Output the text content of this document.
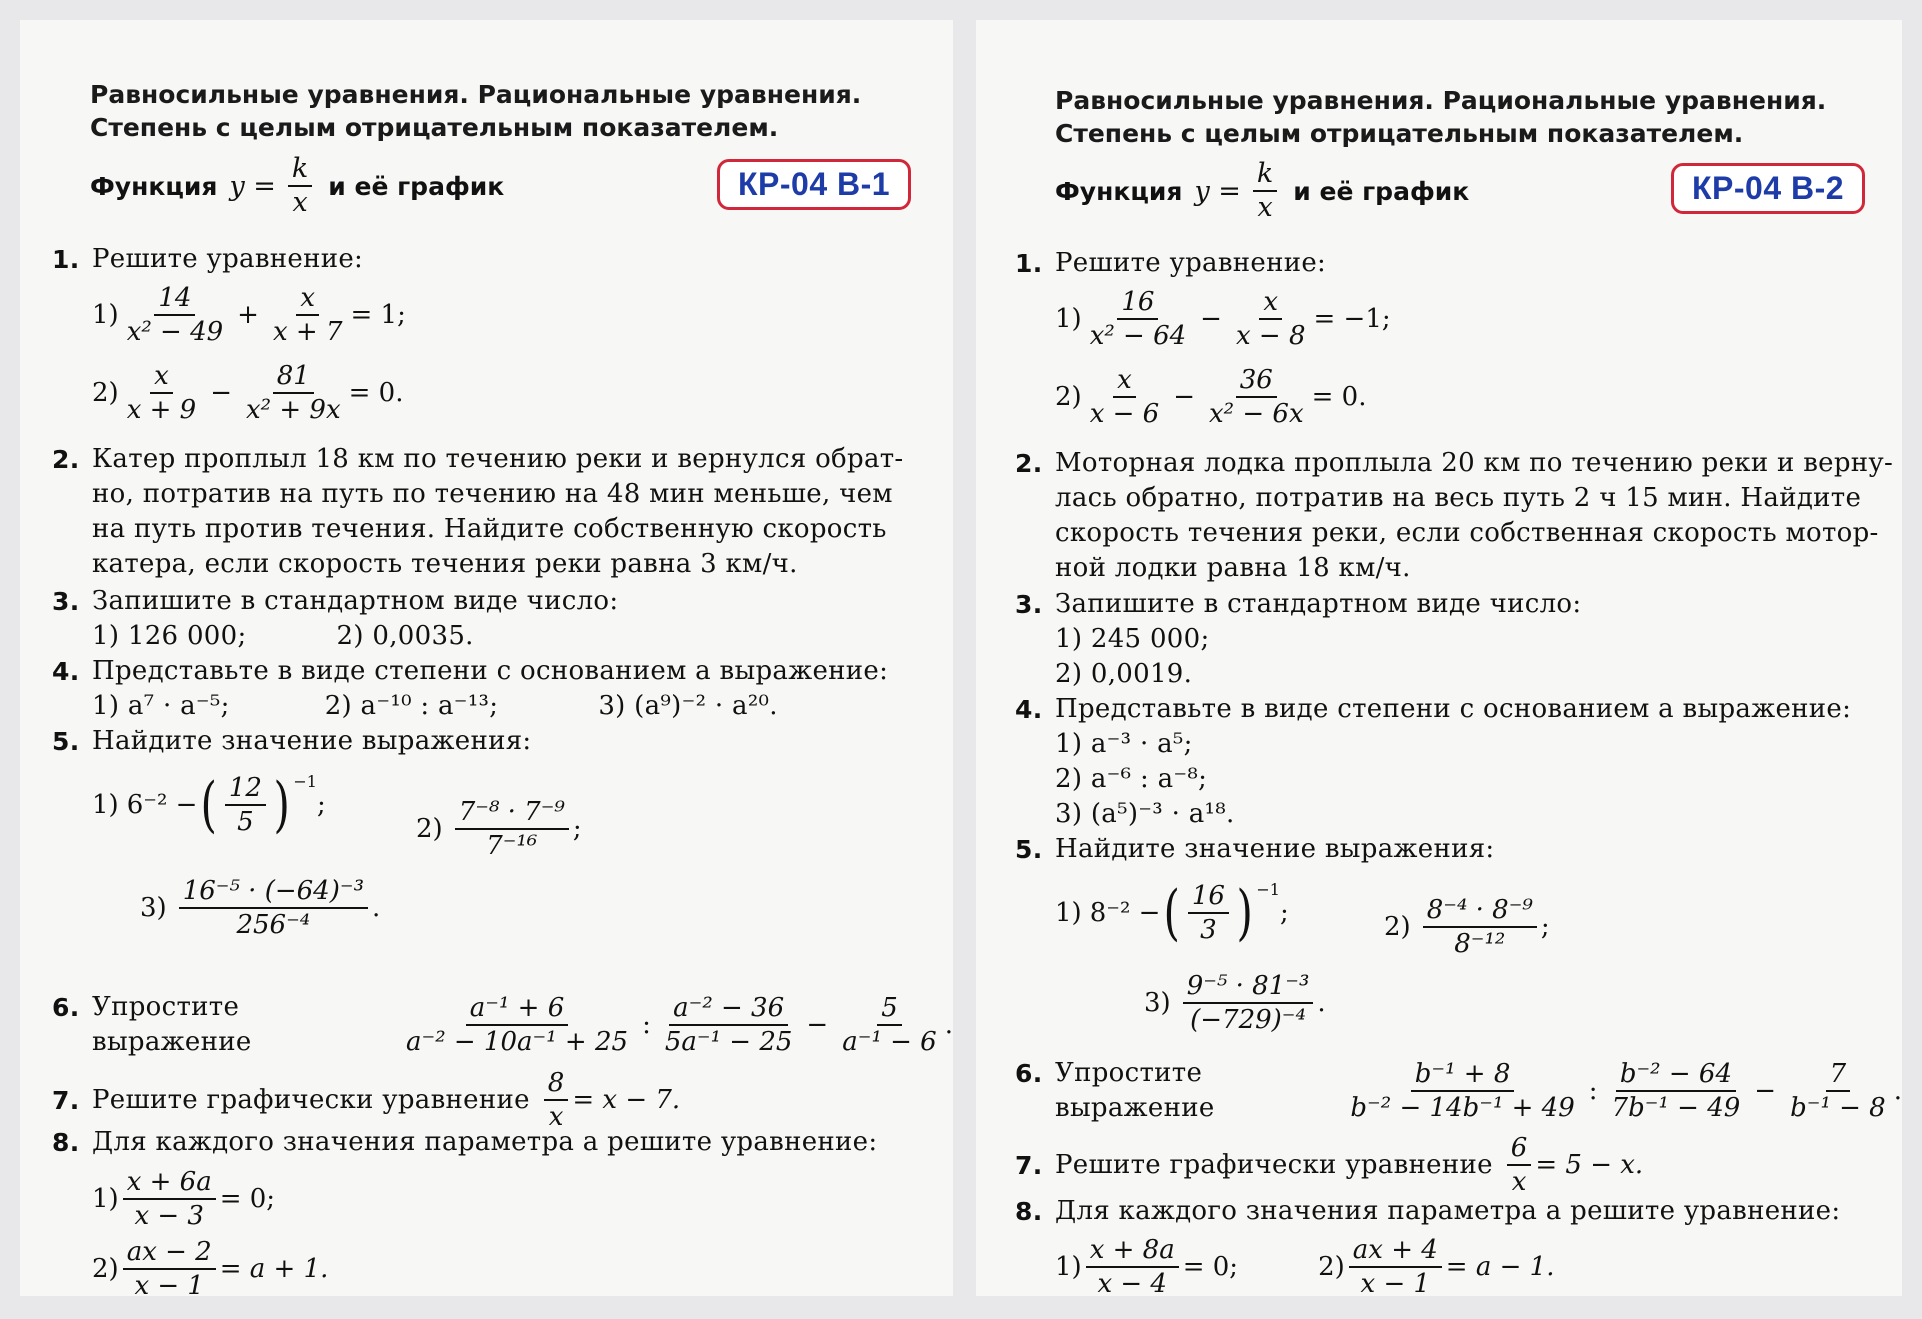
Равносильные уравнения. Рациональные уравнения.
Степень с целым отрицательным показателем.
Функция $y = \frac{k}{x}$ и её график	КР-04 В-1
1. Решите уравнение:
$1) \frac{14}{\text{x² − 49}} + \frac{x}{x + 7} = 1$;
$2) \frac{x}{x + 9} - \frac{81}{\text{x² + 9x}} = 0$.
2. Катер проплыл 18 км по течению реки и вернулся обрат-
но, потратив на путь по течению на 48 мин меньше, чем
на путь против течения. Найдите собственную скорость
катера, если скорость течения реки равна 3 км/ч.
3. Запишите в стандартном виде число:
1) 126 000;	2) 0,0035.
4. Представьте в виде степени с основанием a выражение:
1) a⁷ · a⁻⁵;	2) a⁻¹⁰ : a⁻¹³;	3) (a⁹)⁻² · a²⁰.
5. Найдите значение выражения:
1) 6⁻² − ( $\frac{12}{5}$ ) −1
;
$2) \frac{\text{7⁻⁸ · 7⁻⁹}}{\text{7⁻¹⁶}}$ ;
$3) \frac{\text{16⁻⁵ · (−64)⁻³}}{\text{256⁻⁴}}$ .
6. Упростите выражение	$\frac{\text{a⁻¹ + 6}}{\text{a⁻² − 10a⁻¹ + 25}}$ : $\frac{\text{a⁻² − 36}}{\text{5a⁻¹ − 25}} - \frac{5}{\text{a⁻¹ − 6}}$ .
7. Решите графически уравнение $\frac{8}{x} = x - 7$.
8. Для каждого значения параметра a решите уравнение:
$1) \frac{x + 6a}{x - 3} = 0$;
$2) \frac{ax - 2}{x - 1} = a + 1$.
Равносильные уравнения. Рациональные уравнения.
Степень с целым отрицательным показателем.
Функция $y = \frac{k}{x}$ и её график	КР-04 В-2
1. Решите уравнение:
$1) \frac{16}{\text{x² − 64}} - \frac{x}{x - 8} = -1$;
$2) \frac{x}{x - 6} - \frac{36}{\text{x² − 6x}} = 0$.
2. Моторная лодка проплыла 20 км по течению реки и верну-
лась обратно, потратив на весь путь 2 ч 15 мин. Найдите
скорость течения реки, если собственная скорость мотор-
ной лодки равна 18 км/ч.
3. Запишите в стандартном виде число:
1) 245 000;
2) 0,0019.
4. Представьте в виде степени с основанием a выражение:
1) a⁻³ · a⁵;
2) a⁻⁶ : a⁻⁸;
3) (a⁵)⁻³ · a¹⁸.
5. Найдите значение выражения:
1) 8⁻² − ( $\frac{16}{3}$ ) −1
;	$2) \frac{\text{8⁻⁴ · 8⁻⁹}}{\text{8⁻¹²}}$ ;
$3) \frac{\text{9⁻⁵ · 81⁻³}}{\text{(−729)⁻⁴}}$ .
6. Упростите выражение	$\frac{\text{b⁻¹ + 8}}{\text{b⁻² − 14b⁻¹ + 49}}$ : $\frac{\text{b⁻² − 64}}{\text{7b⁻¹ − 49}} - \frac{7}{\text{b⁻¹ − 8}}$ .
7. Решите графически уравнение $\frac{6}{x} = 5 - x$.
8. Для каждого значения параметра a решите уравнение:
$1) \frac{x + 8a}{x - 4} = 0$;	$2) \frac{ax + 4}{x - 1} = a - 1$.
